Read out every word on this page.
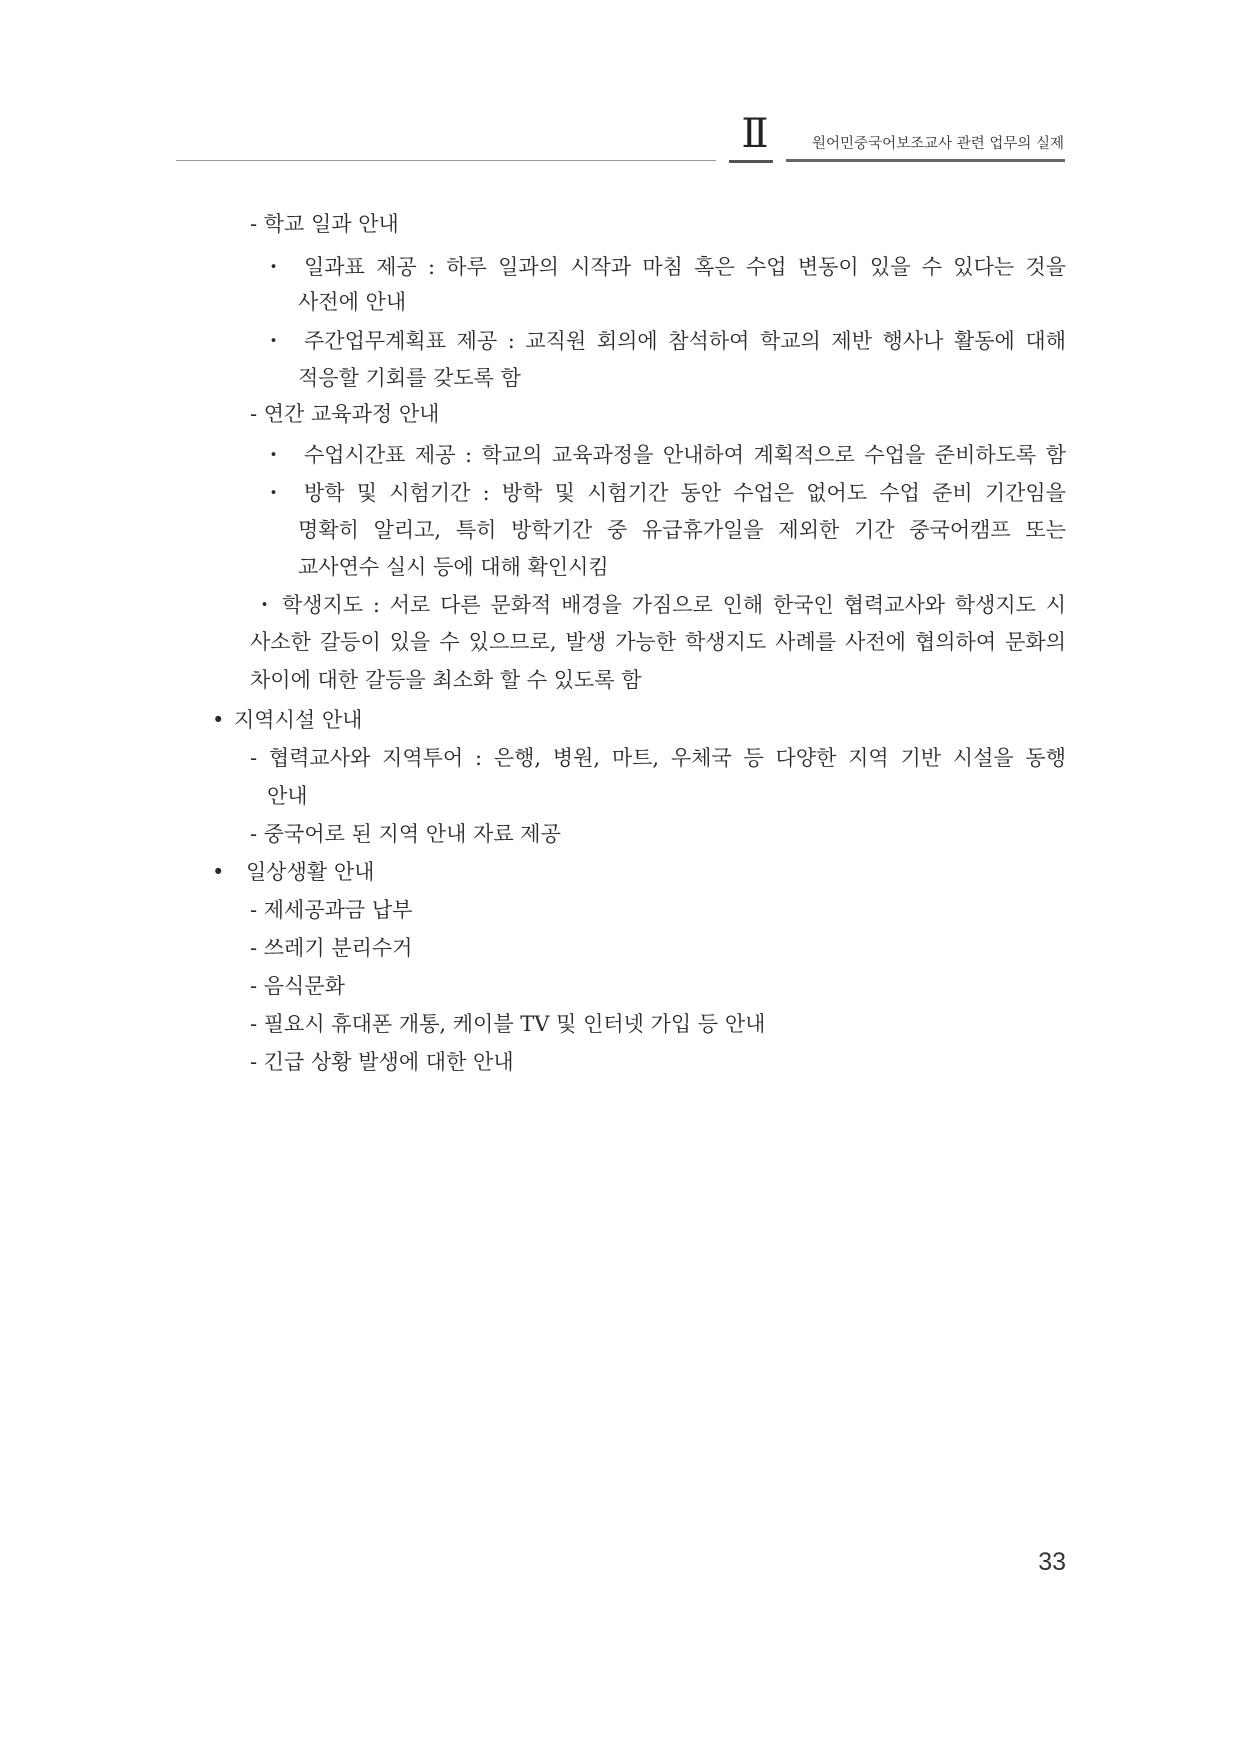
Ⅱ	원어민중국어보조교사 관련 업무의 실제
- 학교 일과 안내
・ 일과표 제공 : 하루 일과의 시작과 마침 혹은 수업 변동이 있을 수 있다는 것을
사전에 안내
・ 주간업무계획표 제공 : 교직원 회의에 참석하여 학교의 제반 행사나 활동에 대해
적응할 기회를 갖도록 함
- 연간 교육과정 안내
・ 수업시간표 제공 : 학교의 교육과정을 안내하여 계획적으로 수업을 준비하도록 함
・ 방학 및 시험기간 : 방학 및 시험기간 동안 수업은 없어도 수업 준비 기간임을
명확히 알리고, 특히 방학기간 중 유급휴가일을 제외한 기간 중국어캠프 또는
교사연수 실시 등에 대해 확인시킴
・ 학생지도 : 서로 다른 문화적 배경을 가짐으로 인해 한국인 협력교사와 학생지도 시
사소한 갈등이 있을 수 있으므로, 발생 가능한 학생지도 사례를 사전에 협의하여 문화의
차이에 대한 갈등을 최소화 할 수 있도록 함
• 지역시설 안내
- 협력교사와 지역투어 : 은행, 병원, 마트, 우체국 등 다양한 지역 기반 시설을 동행
안내
- 중국어로 된 지역 안내 자료 제공
• 일상생활 안내
- 제세공과금 납부
- 쓰레기 분리수거
- 음식문화
- 필요시 휴대폰 개통, 케이블 TV 및 인터넷 가입 등 안내
- 긴급 상황 발생에 대한 안내
33
